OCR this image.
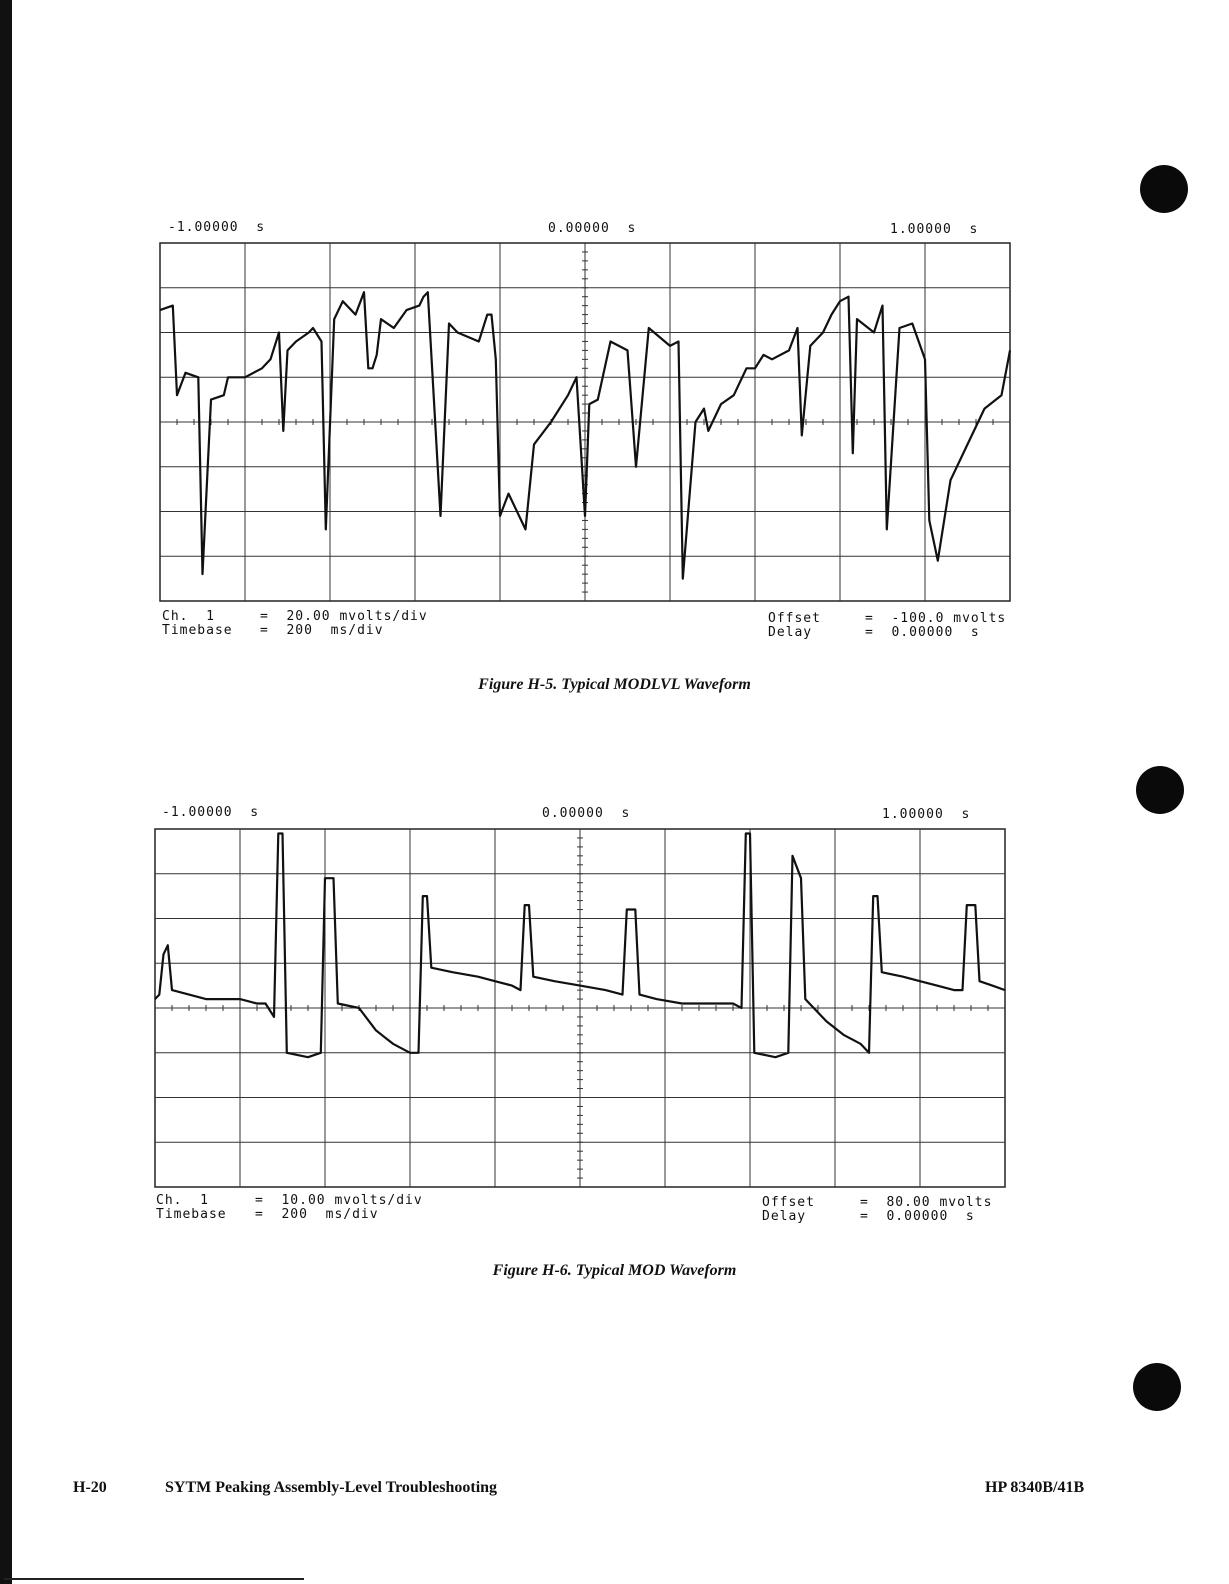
-1.00000  s	0.00000  s	1.00000  s
Ch.  1	=  20.00 mvolts/div
Timebase =  200  ms/div
Offset	=  -100.0 mvolts
Delay	=  0.00000  s
Figure H-5. Typical MODLVL Waveform
-1.00000  s	0.00000  s	1.00000  s
Ch.  1	=  10.00 mvolts/div
Timebase =  200  ms/div
Offset	=  80.00 mvolts
Delay	=  0.00000  s
Figure H-6. Typical MOD Waveform
H-20	SYTM Peaking Assembly-Level Troubleshooting	HP 8340B/41B
